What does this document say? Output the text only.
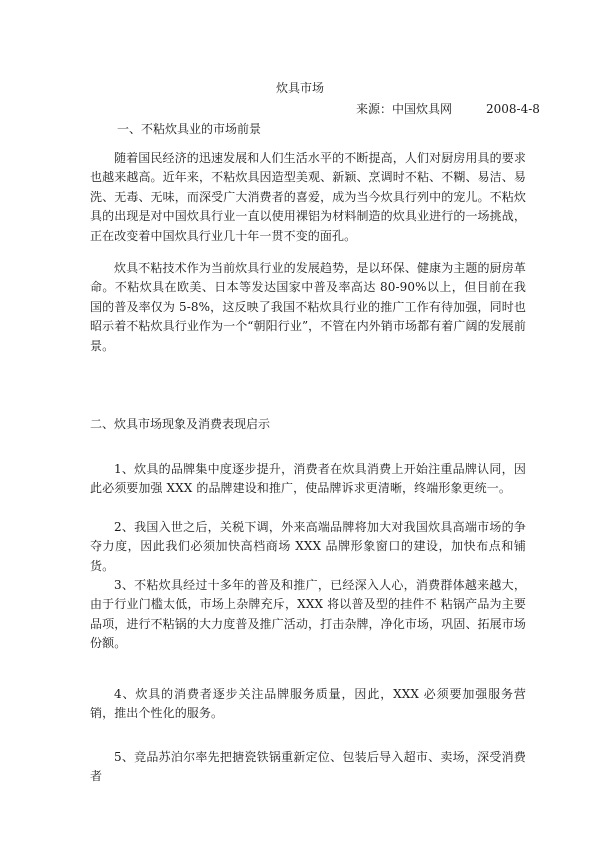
炊具市场
来源：中国炊具网	2008-4-8
一、不粘炊具业的市场前景

随着国民经济的迅速发展和人们生活水平的不断提高，人们对厨房用具的要求也越来越高。近年来，不粘炊具因造型美观、新颖、烹调时不粘、不糊、易洁、易洗、无毒、无味，而深受广大消费者的喜爱，成为当今炊具行列中的宠儿。不粘炊具的出现是对中国炊具行业一直以使用裸铝为材料制造的炊具业进行的一场挑战，正在改变着中国炊具行业几十年一贯不变的面孔。

炊具不粘技术作为当前炊具行业的发展趋势，是以环保、健康为主题的厨房革命。不粘炊具在欧美、日本等发达国家中普及率高达 80-90%以上，但目前在我国的普及率仅为 5-8%，这反映了我国不粘炊具行业的推广工作有待加强，同时也昭示着不粘炊具行业作为一个“朝阳行业”，不管在内外销市场都有着广阔的发展前景。

二、炊具市场现象及消费表现启示

1、炊具的品牌集中度逐步提升，消费者在炊具消费上开始注重品牌认同，因此必须要加强 XXX 的品牌建设和推广，使品牌诉求更清晰，终端形象更统一。

2、我国入世之后，关税下调，外来高端品牌将加大对我国炊具高端市场的争夺力度，因此我们必须加快高档商场 XXX 品牌形象窗口的建设，加快布点和铺货。

3、不粘炊具经过十多年的普及和推广，已经深入人心，消费群体越来越大，由于行业门槛太低，市场上杂牌充斥，XXX 将以普及型的挂件不 粘锅产品为主要品项，进行不粘锅的大力度普及推广活动，打击杂牌，净化市场，巩固、拓展市场份额。

4、炊具的消费者逐步关注品牌服务质量，因此，XXX 必须要加强服务营销，推出个性化的服务。

5、竞品苏泊尔率先把搪瓷铁锅重新定位、包装后导入超市、卖场，深受消费者
